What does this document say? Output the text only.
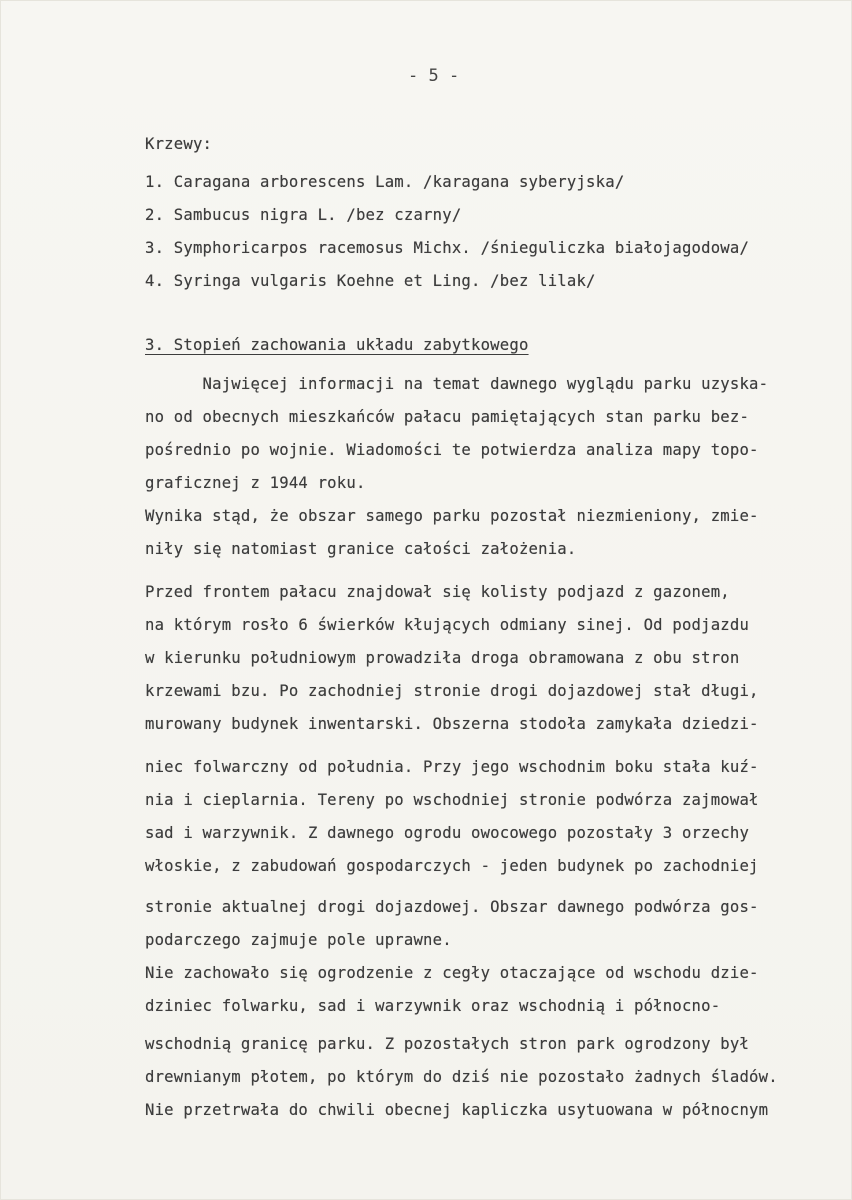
- 5 -
Krzewy:
1. Caragana arborescens Lam. /karagana syberyjska/
2. Sambucus nigra L. /bez czarny/
3. Symphoricarpos racemosus Michx. /śnieguliczka białojagodowa/
4. Syringa vulgaris Koehne et Ling. /bez lilak/
3. Stopień zachowania układu zabytkowego
Najwięcej informacji na temat dawnego wyglądu parku uzyska-
no od obecnych mieszkańców pałacu pamiętających stan parku bez-
pośrednio po wojnie. Wiadomości te potwierdza analiza mapy topo-
graficznej z 1944 roku.
Wynika stąd, że obszar samego parku pozostał niezmieniony, zmie-
niły się natomiast granice całości założenia.
Przed frontem pałacu znajdował się kolisty podjazd z gazonem,
na którym rosło 6 świerków kłujących odmiany sinej. Od podjazdu
w kierunku południowym prowadziła droga obramowana z obu stron
krzewami bzu. Po zachodniej stronie drogi dojazdowej stał długi,
murowany budynek inwentarski. Obszerna stodoła zamykała dziedzi-
niec folwarczny od południa. Przy jego wschodnim boku stała kuź-
nia i cieplarnia. Tereny po wschodniej stronie podwórza zajmował
sad i warzywnik. Z dawnego ogrodu owocowego pozostały 3 orzechy
włoskie, z zabudowań gospodarczych - jeden budynek po zachodniej
stronie aktualnej drogi dojazdowej. Obszar dawnego podwórza gos-
podarczego zajmuje pole uprawne.
Nie zachowało się ogrodzenie z cegły otaczające od wschodu dzie-
dziniec folwarku, sad i warzywnik oraz wschodnią i północno-
wschodnią granicę parku. Z pozostałych stron park ogrodzony był
drewnianym płotem, po którym do dziś nie pozostało żadnych śladów.
Nie przetrwała do chwili obecnej kapliczka usytuowana w północnym
